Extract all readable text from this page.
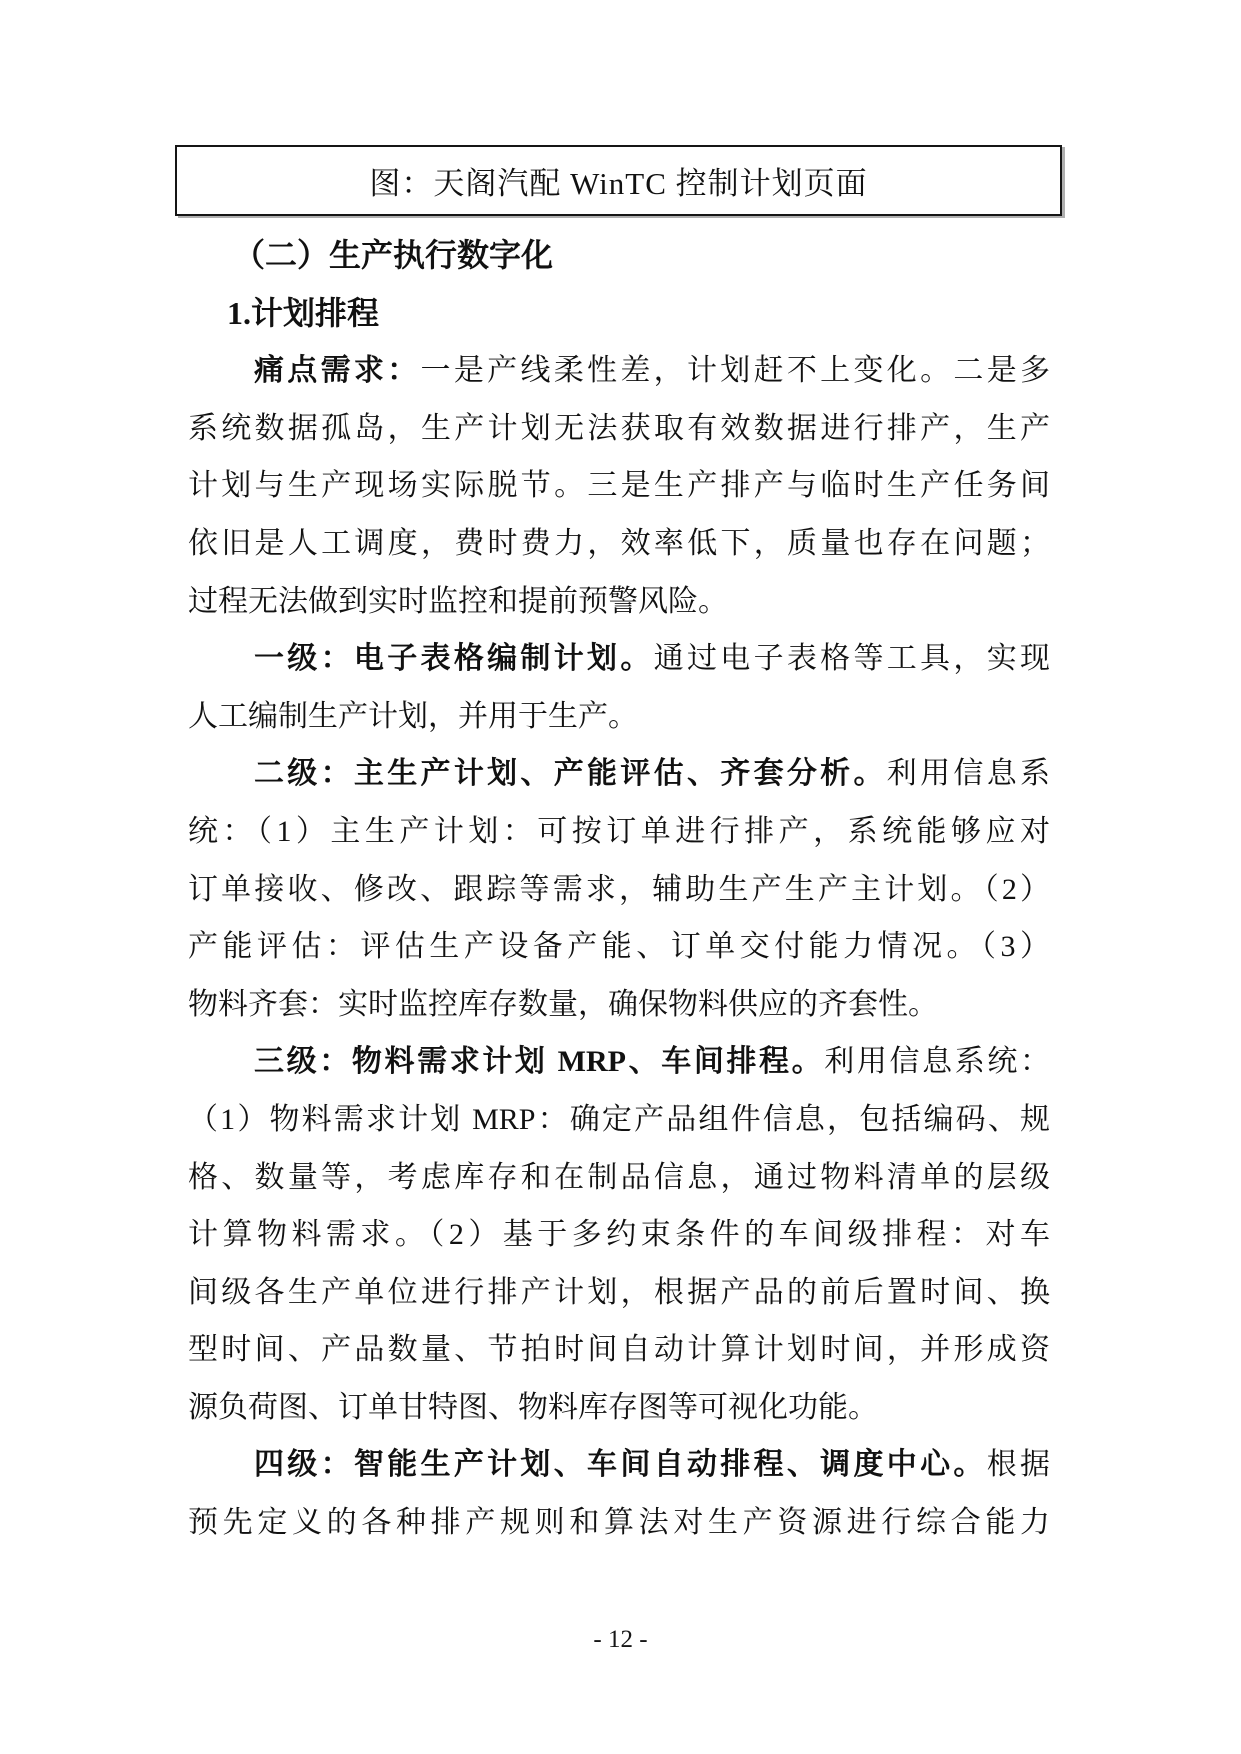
图：天阁汽配 WinTC 控制计划页面
（二）生产执行数字化
1.计划排程
痛点需求：一是产线柔性差，计划赶不上变化。二是多
系统数据孤岛，生产计划无法获取有效数据进行排产，生产
计划与生产现场实际脱节。三是生产排产与临时生产任务间
依旧是人工调度，费时费力，效率低下，质量也存在问题；
过程无法做到实时监控和提前预警风险。
一级：电子表格编制计划。通过电子表格等工具，实现
人工编制生产计划，并用于生产。
二级：主生产计划、产能评估、齐套分析。利用信息系
统：（1）主生产计划：可按订单进行排产，系统能够应对
订单接收、修改、跟踪等需求，辅助生产生产主计划。（2）
产能评估：评估生产设备产能、订单交付能力情况。（3）
物料齐套：实时监控库存数量，确保物料供应的齐套性。
三级：物料需求计划 MRP、车间排程。利用信息系统：
（1）物料需求计划 MRP：确定产品组件信息，包括编码、规
格、数量等，考虑库存和在制品信息，通过物料清单的层级
计算物料需求。（2）基于多约束条件的车间级排程：对车
间级各生产单位进行排产计划，根据产品的前后置时间、换
型时间、产品数量、节拍时间自动计算计划时间，并形成资
源负荷图、订单甘特图、物料库存图等可视化功能。
四级：智能生产计划、车间自动排程、调度中心。根据
预先定义的各种排产规则和算法对生产资源进行综合能力
- 12 -
